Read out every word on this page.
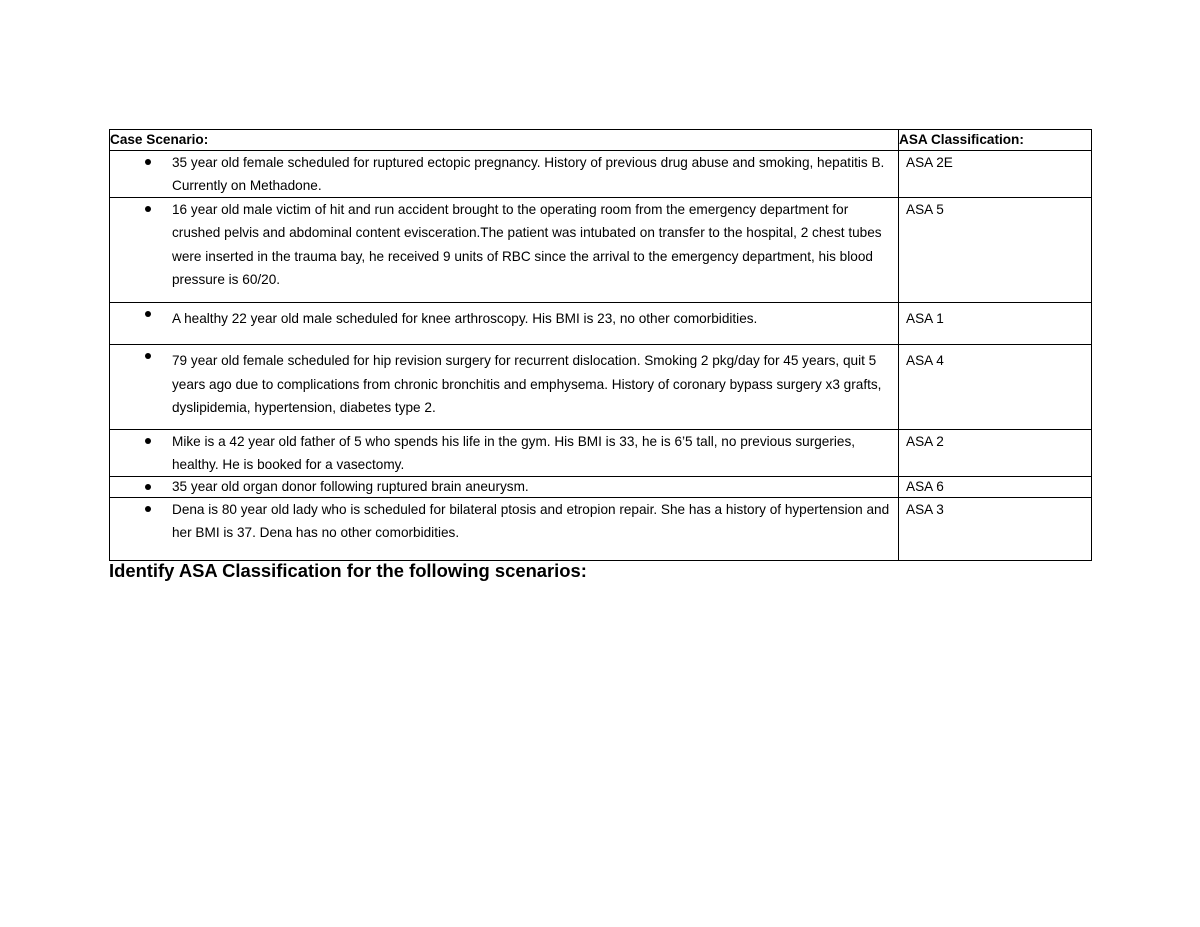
Case Scenario:	ASA Classification:

35 year old female scheduled for ruptured ectopic pregnancy. History of previous drug abuse and smoking, hepatitis B. Currently on Methadone.	ASA 2E

16 year old male victim of hit and run accident brought to the operating room from the emergency department for crushed pelvis and abdominal content evisceration.The patient was intubated on transfer to the hospital, 2 chest tubes were inserted in the trauma bay, he received 9 units of RBC since the arrival to the emergency department, his blood pressure is 60/20.	ASA 5

A healthy 22 year old male scheduled for knee arthroscopy. His BMI is 23, no other comorbidities.	ASA 1

79 year old female scheduled for hip revision surgery for recurrent dislocation. Smoking 2 pkg/day for 45 years, quit 5 years ago due to complications from chronic bronchitis and emphysema. History of coronary bypass surgery x3 grafts, dyslipidemia, hypertension, diabetes type 2.	ASA 4

Mike is a 42 year old father of 5 who spends his life in the gym. His BMI is 33, he is 6’5 tall, no previous surgeries, healthy. He is booked for a vasectomy.	ASA 2

35 year old organ donor following ruptured brain aneurysm.	ASA 6

Dena is 80 year old lady who is scheduled for bilateral ptosis and etropion repair. She has a history of hypertension and her BMI is 37. Dena has no other comorbidities.	ASA 3
Identify ASA Classification for the following scenarios:
